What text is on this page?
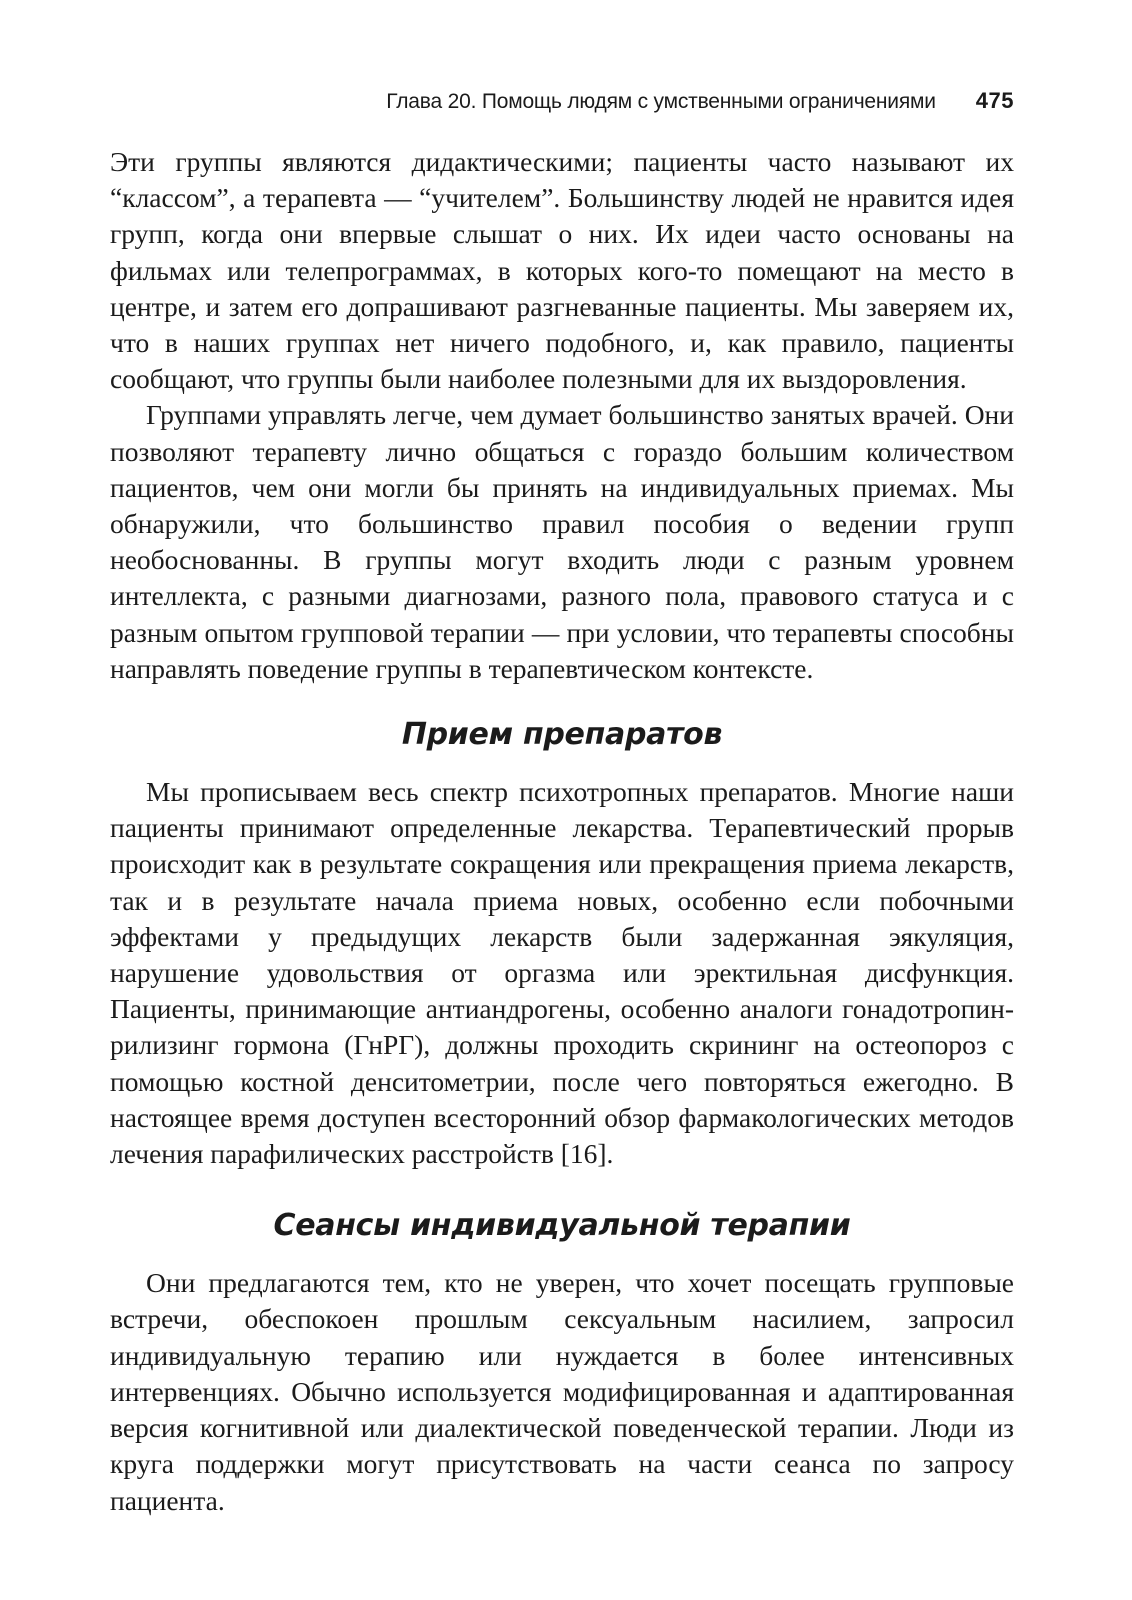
Глава 20. Помощь людям с умственными ограничениями 475

Эти группы являются дидактическими; пациенты часто называют их “классом”, а терапевта — “учителем”. Большинству людей не нравится идея групп, когда они впервые слышат о них. Их идеи часто основаны на фильмах или телепрограммах, в которых кого-то помещают на место в центре, и затем его допрашивают разгневанные пациенты. Мы заверяем их, что в наших группах нет ничего подобного, и, как правило, пациенты сообщают, что группы были наиболее полезными для их выздоровления.

Группами управлять легче, чем думает большинство занятых врачей. Они позволяют терапевту лично общаться с гораздо большим количеством пациентов, чем они могли бы принять на индивидуальных приемах. Мы обнаружили, что большинство правил пособия о ведении групп необоснованны. В группы могут входить люди с разным уровнем интеллекта, с разными диагнозами, разного пола, правового статуса и с разным опытом групповой терапии — при условии, что терапевты способны направлять поведение группы в терапевтическом контексте.

Прием препаратов

Мы прописываем весь спектр психотропных препаратов. Многие наши пациенты принимают определенные лекарства. Терапевтический прорыв происходит как в результате сокращения или прекращения приема лекарств, так и в результате начала приема новых, особенно если побочными эффектами у предыдущих лекарств были задержанная эякуляция, нарушение удовольствия от оргазма или эректильная дисфункция. Пациенты, принимающие антиандрогены, особенно аналоги гонадотропин-рилизинг гормона (ГнРГ), должны проходить скрининг на остеопороз с помощью костной денситометрии, после чего повторяться ежегодно. В настоящее время доступен всесторонний обзор фармакологических методов лечения парафилических расстройств [16].

Сеансы индивидуальной терапии

Они предлагаются тем, кто не уверен, что хочет посещать групповые встречи, обеспокоен прошлым сексуальным насилием, запросил индивидуальную терапию или нуждается в более интенсивных интервенциях. Обычно используется модифицированная и адаптированная версия когнитивной или диалектической поведенческой терапии. Люди из круга поддержки могут присутствовать на части сеанса по запросу пациента.
